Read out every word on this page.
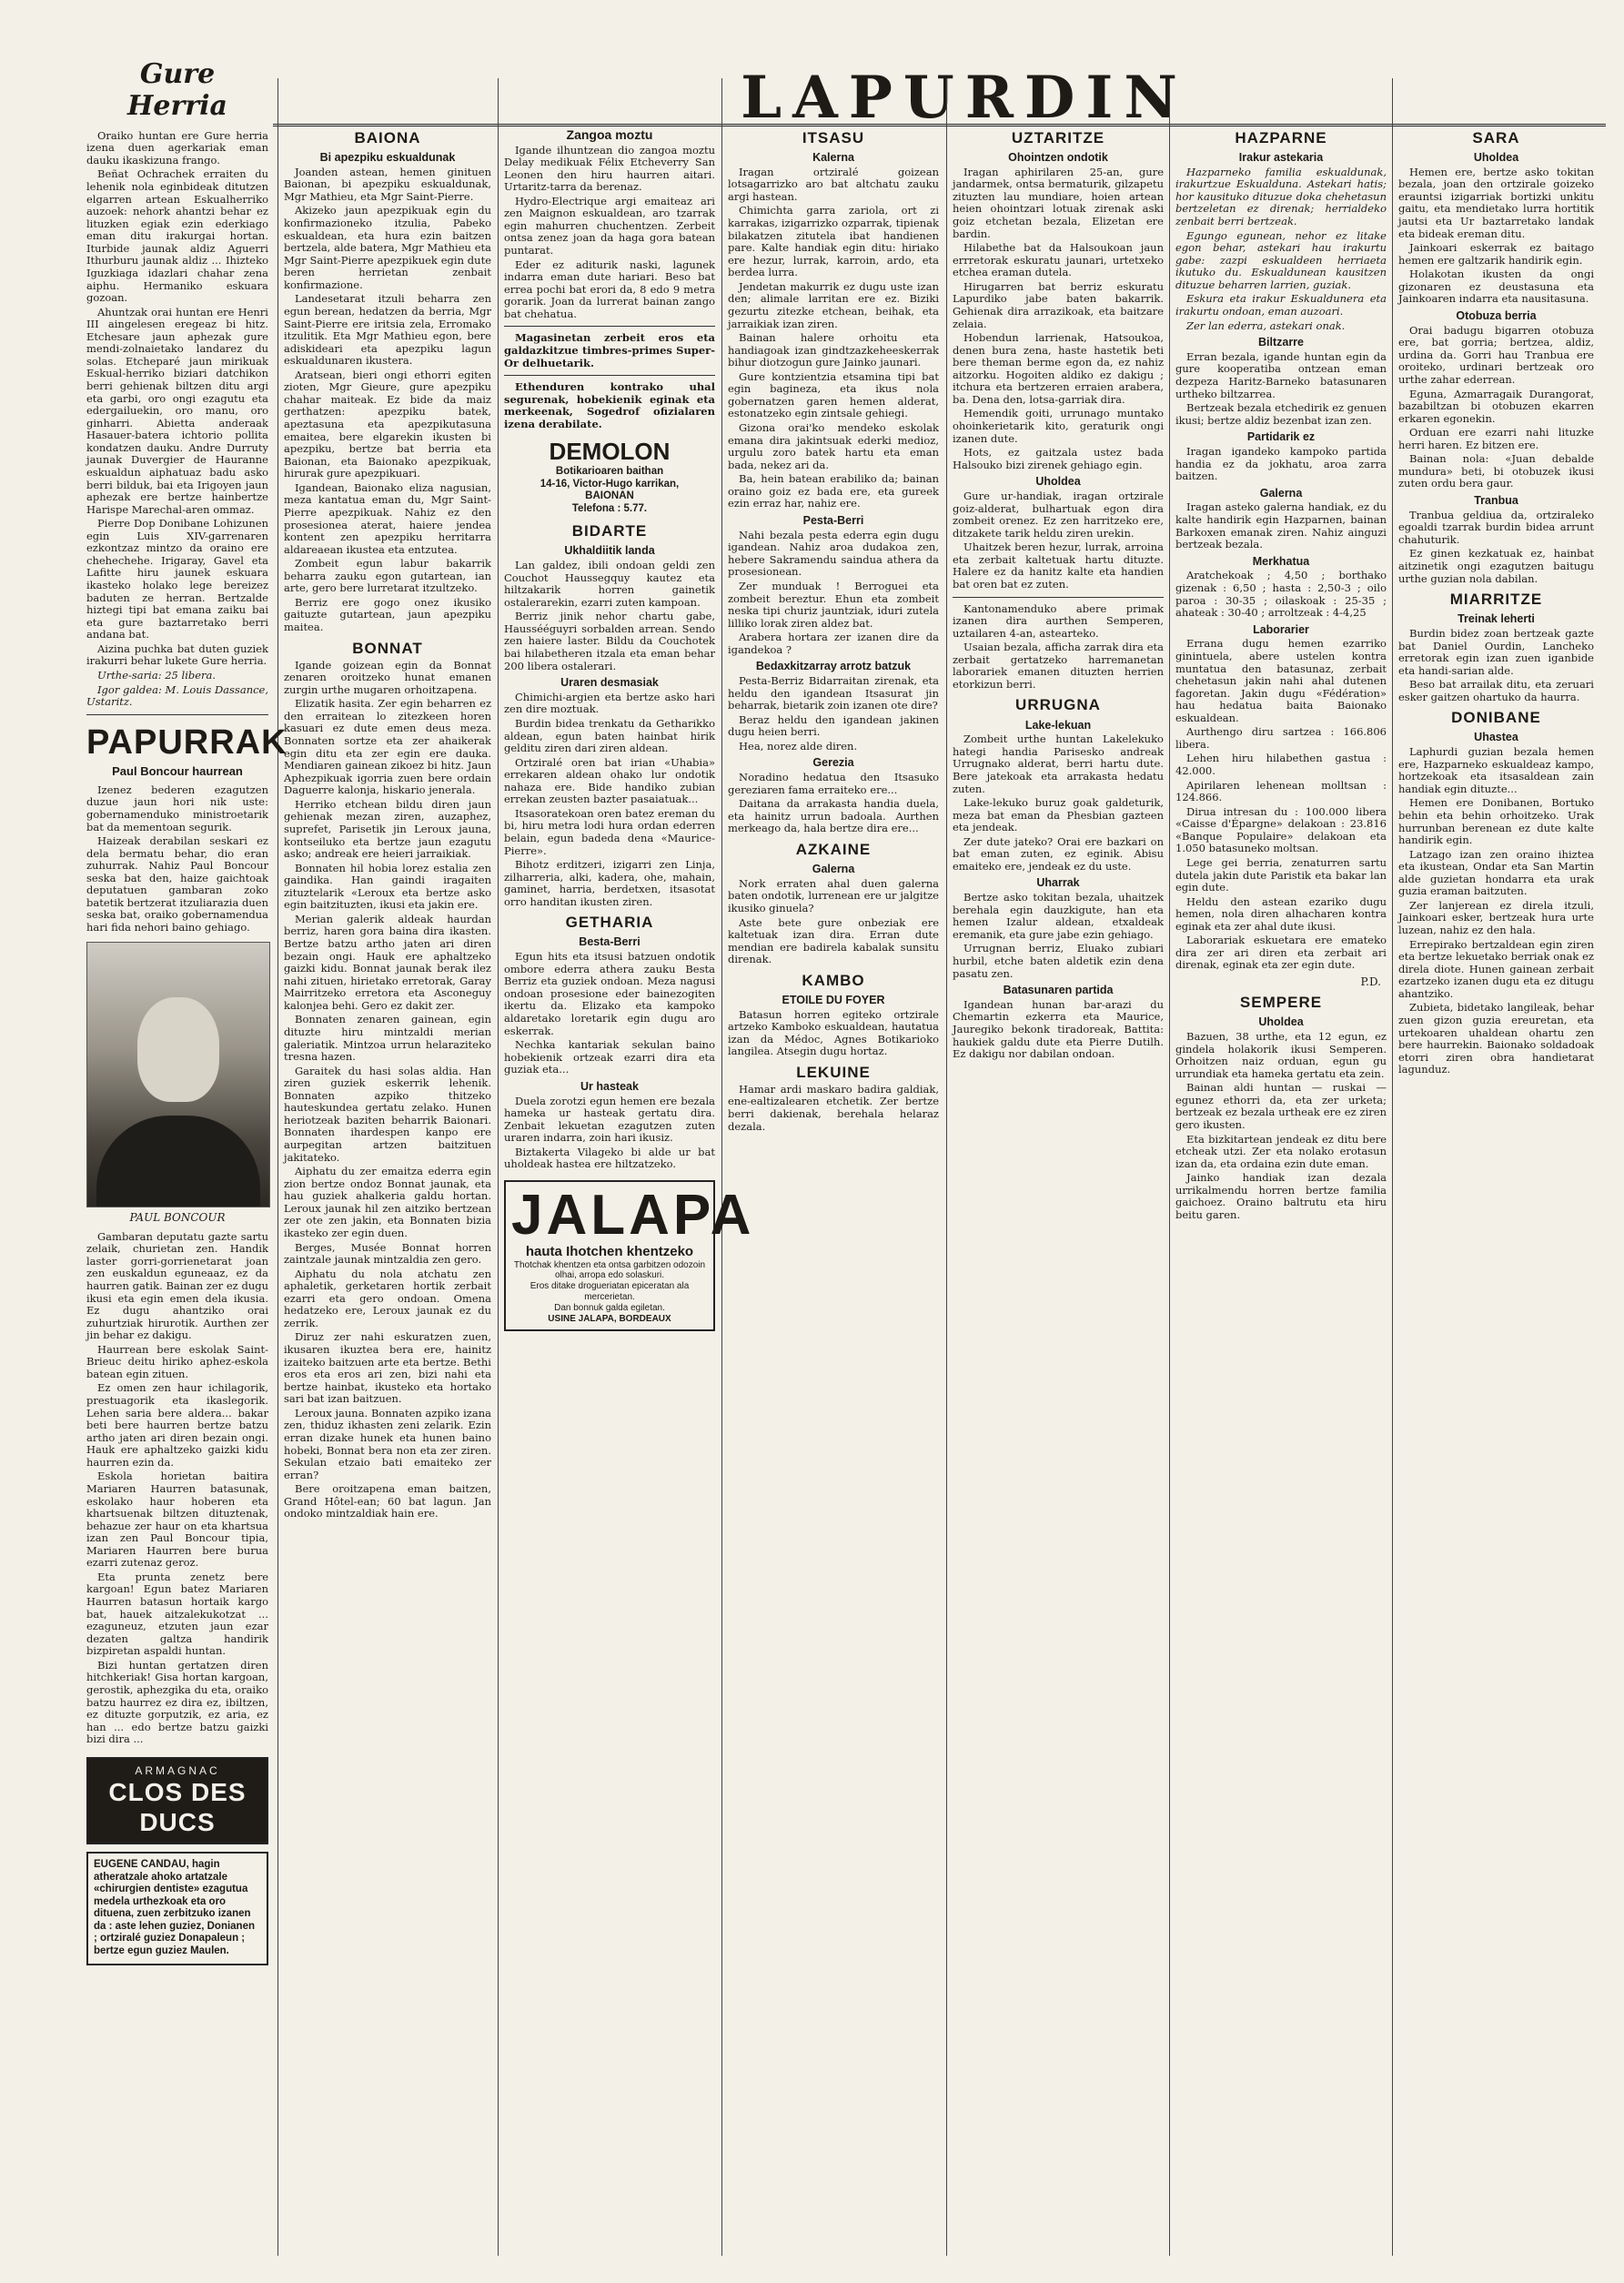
LAPURDIN
Gure Herria

Oraiko huntan ere Gure herria izena duen agerkariak eman dauku ikaskizuna frango.

Beñat Ochrachek erraiten du lehenik nola eginbideak ditutzen elgarren artean Eskualherriko auzoek: nehork ahantzi behar ez lituzken egiak ezin ederkiago eman ditu irakurgai hortan. Iturbide jaunak aldiz Aguerri Ithurburu jaunak aldiz ... Ihizteko Iguzkiaga idazlari chahar zena aiphu. Hermaniko eskuara gozoan.

Ahuntzak orai huntan ere Henri III aingelesen eregeaz bi hitz. Etchesare jaun aphezak gure mendi-zolnaietako landarez du solas. Etcheparé jaun mirikuak Eskual-herriko biziari datchikon berri gehienak biltzen ditu argi eta garbi, oro ongi ezagutu eta edergailuekin, oro manu, oro ginharri. Abietta anderaak Hasauer-batera ichtorio pollita kondatzen dauku. Andre Durruty jaunak Duvergier de Hauranne eskualdun aiphatuaz badu asko berri bilduk, bai eta Irigoyen jaun aphezak ere bertze hainbertze Harispe Marechal-aren ommaz.

Pierre Dop Donibane Lohizunen egin Luis XIV-garrenaren ezkontzaz mintzo da oraino ere chehechehe. Irigaray, Gavel eta Lafitte hiru jaunek eskuara ikasteko holako lege bereizez baduten ze herran. Bertzalde hiztegi tipi bat emana zaiku bai eta gure baztarretako berri andana bat.

Aizina puchka bat duten guziek irakurri behar lukete Gure herria.

Urthe-saria: 25 libera.

Igor galdea: M. Louis Dassance, Ustaritz.

PAPURRAK
Paul Boncour haurrean

Izenez bederen ezagutzen duzue jaun hori nik uste: gobernamenduko ministroetarik bat da mementoan segurik.

Haizeak derabilan seskari ez dela bermatu behar, dio eran zuhurrak. Nahiz Paul Boncour seska bat den, haize gaichtoak deputatuen gambaran zoko batetik bertzerat itzuliarazia duen seska bat, oraiko gobernamendua hari fida nehori baino gehiago.

PAUL BONCOUR

Gambaran deputatu gazte sartu zelaik, churietan zen. Handik laster gorri-gorrienetarat joan zen euskaldun eguneaaz, ez da haurren gatik. Bainan zer ez dugu ikusi eta egin emen dela ikusia. Ez dugu ahantziko orai zuhurtziak hirurotik. Aurthen zer jin behar ez dakigu.

Haurrean bere eskolak Saint-Brieuc deitu hiriko aphez-eskola batean egin zituen.

Ez omen zen haur ichilagorik, prestuagorik eta ikaslegorik. Lehen saria bere aldera... bakar beti bere haurren bertze batzu artho jaten ari diren bezain ongi. Hauk ere aphaltzeko gaizki kidu haurren ezin da.

Eskola horietan baitira Mariaren Haurren batasunak, eskolako haur hoberen eta khartsuenak biltzen dituztenak, behazue zer haur on eta khartsua izan zen Paul Boncour tipia, Mariaren Haurren bere burua ezarri zutenaz geroz.

Eta prunta zenetz bere kargoan! Egun batez Mariaren Haurren batasun hortaik kargo bat, hauek aitzalekukotzat ... ezaguneuz, etzuten jaun ezar dezaten galtza handirik bizpiretan aspaldi huntan.

Bizi huntan gertatzen diren hitchkeriak! Gisa hortan kargoan, gerostik, aphezgika du eta, oraiko batzu haurrez ez dira ez, ibiltzen, ez dituzte gorputzik, ez aria, ez han ... edo bertze batzu gaizki bizi dira ...

ARMAGNAC
CLOS DES DUCS
EUGENE CANDAU, hagin atheratzale ahoko artatzale «chirurgien dentiste» ezagutua medela urthezkoak eta oro dituena, zuen zerbitzuko izanen da : aste lehen guziez, Donianen ; ortziralé guziez Donapaleun ; bertze egun guziez Maulen.
BAIONA
Bi apezpiku eskualdunak

Joanden astean, hemen ginituen Baionan, bi apezpiku eskualdunak, Mgr Mathieu, eta Mgr Saint-Pierre.

Akizeko jaun apezpikuak egin du konfirmazioneko itzulia, Pabeko eskualdean, eta hura ezin baitzen bertzela, alde batera, Mgr Mathieu eta Mgr Saint-Pierre apezpikuek egin dute beren herrietan zenbait konfirmazione.

Landesetarat itzuli beharra zen egun berean, hedatzen da berria, Mgr Saint-Pierre ere iritsia zela, Erromako itzulitik. Eta Mgr Mathieu egon, bere adiskideari eta apezpiku lagun eskualdunaren ikustera.

Aratsean, bieri ongi ethorri egiten zioten, Mgr Gieure, gure apezpiku chahar maiteak. Ez bide da maiz gerthatzen: apezpiku batek, apeztasuna eta apezpikutasuna emaitea, bere elgarekin ikusten bi apezpiku, bertze bat berria eta Baionan, eta Baionako apezpikuak, hirurak gure apezpikuari.

Igandean, Baionako eliza nagusian, meza kantatua eman du, Mgr Saint-Pierre apezpikuak. Nahiz ez den prosesionea aterat, haiere jendea kontent zen apezpiku herritarra aldareaean ikustea eta entzutea.

Zombeit egun labur bakarrik beharra zauku egon gutartean, ian arte, gero bere lurretarat itzultzeko.

Berriz ere gogo onez ikusiko gaituzte gutartean, jaun apezpiku maitea.

BONNAT

Igande goizean egin da Bonnat zenaren oroitzeko hunat emanen zurgin urthe mugaren orhoitzapena.

Elizatik hasita. Zer egin beharren ez den erraitean lo zitezkeen horen kasuari ez dute emen deus meza. Bonnaten sortze eta zer ahaikerak egin ditu eta zer egin ere dauka. Mendiaren gainean zikoez bi hitz. Jaun Aphezpikuak igorria zuen bere ordain Daguerre kalonja, hiskario jenerala.

Herriko etchean bildu diren jaun gehienak mezan ziren, auzaphez, suprefet, Parisetik jin Leroux jauna, kontseiluko eta bertze jaun ezagutu asko; andreak ere heieri jarraikiak.

Bonnaten hil hobia lorez estalia zen gaindika. Han gaindi iragaiten zituztelarik «Leroux eta bertze asko egin baitzituzten, ikusi eta jakin ere.

Merian galerik aldeak haurdan berriz, haren gora baina dira ikasten. Bertze batzu artho jaten ari diren bezain ongi. Hauk ere aphaltzeko gaizki kidu. Bonnat jaunak berak ilez nahi zituen, hirietako erretorak, Garay Mairritzeko erretora eta Asconeguy kalonjea behi. Gero ez dakit zer.

Bonnaten zenaren gainean, egin dituzte hiru mintzaldi merian galeriatik. Mintzoa urrun helaraziteko tresna hazen.

Garaitek du hasi solas aldia. Han ziren guziek eskerrik lehenik. Bonnaten azpiko thitzeko hauteskundea gertatu zelako. Hunen heriotzeak baziten beharrik Baionari. Bonnaten ihardespen kanpo ere aurpegitan artzen baitzituen jakitateko.

Aiphatu du zer emaitza ederra egin zion bertze ondoz Bonnat jaunak, eta hau guziek ahalkeria galdu hortan. Leroux jaunak hil zen aitziko bertzean zer ote zen jakin, eta Bonnaten bizia ikasteko zer egin duen.

Berges, Musée Bonnat horren zaintzale jaunak mintzaldia zen gero.

Aiphatu du nola atchatu zen aphaletik, gerketaren hortik zerbait ezarri eta gero ondoan. Omena hedatzeko ere, Leroux jaunak ez du zerrik.

Diruz zer nahi eskuratzen zuen, ikusaren ikuztea bera ere, hainitz izaiteko baitzuen arte eta bertze. Bethi eros eta eros ari zen, bizi nahi eta bertze hainbat, ikusteko eta hortako sari bat izan baitzuen.

Leroux jauna. Bonnaten azpiko izana zen, thiduz ikhasten zeni zelarik. Ezin erran dizake hunek eta hunen baino hobeki, Bonnat bera non eta zer ziren. Sekulan etzaio bati emaiteko zer erran?

Bere oroitzapena eman baitzen, Grand Hôtel-ean; 60 bat lagun. Jan ondoko mintzaldiak hain ere.

Zangoa moztu

Igande ilhuntzean dio zangoa moztu Delay medikuak Félix Etcheverry San Leonen den hiru haurren aitari. Urtaritz-tarra da berenaz.

Hydro-Electrique argi emaiteaz ari zen Maignon eskualdean, aro tzarrak egin mahurren chuchentzen. Zerbeit ontsa zenez joan da haga gora batean puntarat.

Eder ez aditurik naski, lagunek indarra eman dute hariari. Beso bat errea pochi bat erori da, 8 edo 9 metra gorarik. Joan da lurrerat bainan zango bat chehatua.

Magasinetan zerbeit eros eta galdazkitzue timbres-primes Super-Or delhuetarik.

Ethenduren kontrako uhal segurenak, hobekienik eginak eta merkeenak, Sogedrof ofizialaren izena derabilate.

DEMOLON
Botikarioaren baithan
14-16, Victor-Hugo karrikan,
BAIONAN
Telefona : 5.77.
BIDARTE
Ukhaldiitik landa

Lan galdez, ibili ondoan geldi zen Couchot Haussegquy kautez eta hiltzakarik horren gainetik ostalerarekin, ezarri zuten kampoan.

Berriz jinik nehor chartu gabe, Haussééguyri sorbalden arrean. Sendo zen haiere laster. Bildu da Couchotek bai hilabetheren itzala eta eman behar 200 libera ostalerari.

Uraren desmasiak

Chimichi-argien eta bertze asko hari zen dire moztuak.

Burdin bidea trenkatu da Getharikko aldean, egun baten hainbat hirik gelditu ziren dari ziren aldean.

Ortziralé oren bat irian «Uhabia» errekaren aldean ohako lur ondotik nahaza ere. Bide handiko zubian errekan zeusten bazter pasaiatuak...

Itsasoratekoan oren batez ereman du bi, hiru metra lodi hura ordan ederren belain, egun badeda dena «Maurice-Pierre».

Bihotz erditzeri, izigarri zen Linja, zilharreria, alki, kadera, ohe, mahain, gaminet, harria, berdetxen, itsasotat orro handitan ikusten ziren.

GETHARIA
Besta-Berri

Egun hits eta itsusi batzuen ondotik ombore ederra athera zauku Besta Berriz eta guziek ondoan. Meza nagusi ondoan prosesione eder bainezogiten ikertu da. Elizako eta kampoko aldaretako loretarik egin dugu aro eskerrak.

Nechka kantariak sekulan baino hobekienik ortzeak ezarri dira eta guziak eta...

Ur hasteak

Duela zorotzi egun hemen ere bezala hameka ur hasteak gertatu dira. Zenbait lekuetan ezagutzen zuten uraren indarra, zoin hari ikusiz.

Biztakerta Vilageko bi alde ur bat uholdeak hastea ere hiltzatzeko.

JALAPA
hauta Ihotchen khentzeko
Thotchak khentzen eta ontsa garbitzen odozoin olhai, arropa edo solaskuri.
Eros ditake drogueriatan epiceratan ala mercerietan.
Dan bonnuk galda egiletan.
USINE JALAPA, BORDEAUX
ITSASU
Kalerna

Iragan ortziralé goizean lotsagarrizko aro bat altchatu zauku argi hastean.

Chimichta garra zariola, ort zi karrakas, izigarrizko ozparrak, tipienak bilakatzen zitutela ibat handienen pare. Kalte handiak egin ditu: hiriako ere hezur, lurrak, karroin, ardo, eta berdea lurra.

Jendetan makurrik ez dugu uste izan den; alimale larritan ere ez. Biziki gezurtu zitezke etchean, beihak, eta jarraikiak izan ziren.

Bainan halere orhoitu eta handiagoak izan gindtzazkeheeskerrak bihur diotzogun gure Jainko jaunari.

Gure kontzientzia etsamina tipi bat egin bagineza, eta ikus nola gobernatzen garen hemen alderat, estonatzeko egin zintsale gehiegi.

Gizona orai'ko mendeko eskolak emana dira jakintsuak ederki medioz, urgulu zoro batek hartu eta eman bada, nekez ari da.

Ba, hein batean erabiliko da; bainan oraino goiz ez bada ere, eta gureek ezin erraz har, nahiz ere.

Pesta-Berri

Nahi bezala pesta ederra egin dugu igandean. Nahiz aroa dudakoa zen, hebere Sakramendu saindua athera da prosesionean.

Zer munduak ! Berroguei eta zombeit bereztur. Ehun eta zombeit neska tipi churiz jauntziak, iduri zutela lilliko lorak ziren aldez bat.

Arabera hortara zer izanen dire da igandekoa ?

Bedaxkitzarray arrotz batzuk

Pesta-Berriz Bidarraitan zirenak, eta heldu den igandean Itsasurat jin beharrak, bietarik zoin izanen ote dire?

Beraz heldu den igandean jakinen dugu heien berri.

Hea, norez alde diren.

Gerezia

Noradino hedatua den Itsasuko gereziaren fama erraiteko ere...

Daitana da arrakasta handia duela, eta hainitz urrun badoala. Aurthen merkeago da, hala bertze dira ere...

AZKAINE
Galerna

Nork erraten ahal duen galerna baten ondotik, lurrenean ere ur jalgitze ikusiko ginuela?

Aste bete gure onbeziak ere kaltetuak izan dira. Erran dute mendian ere badirela kabalak sunsitu direnak.

KAMBO
ETOILE DU FOYER

Batasun horren egiteko ortzirale artzeko Kamboko eskualdean, hautatua izan da Médoc, Agnes Botikarioko langilea. Atsegin dugu hortaz.

LEKUINE

Hamar ardi maskaro badira galdiak, ene-ealtizalearen etchetik. Zer bertze berri dakienak, berehala helaraz dezala.

UZTARITZE
Ohointzen ondotik

Iragan aphirilaren 25-an, gure jandarmek, ontsa bermaturik, gilzapetu zituzten lau mundiare, hoien artean heien ohointzari lotuak zirenak aski goiz etchetan bezala, Elizetan ere bardin.

Hilabethe bat da Halsoukoan jaun errretorak eskuratu jaunari, urtetxeko etchea eraman dutela.

Hirugarren bat berriz eskuratu Lapurdiko jabe baten bakarrik. Gehienak dira arrazikoak, eta baitzare zelaia.

Hobendun larrienak, Hatsoukoa, denen bura zena, haste hastetik beti bere theman berme egon da, ez nahiz aitzorku. Hogoiten aldiko ez dakigu ; itchura eta bertzeren erraien arabera, ba. Dena den, lotsa-garriak dira.

Hemendik goiti, urrunago muntako ohoinkerietarik kito, geraturik ongi izanen dute.

Hots, ez gaitzala ustez bada Halsouko bizi zirenek gehiago egin.

Uholdea

Gure ur-handiak, iragan ortzirale goiz-alderat, bulhartuak egon dira zombeit orenez. Ez zen harritzeko ere, ditzakete tarik heldu ziren urekin.

Uhaitzek beren hezur, lurrak, arroina eta zerbait kaltetuak hartu dituzte. Halere ez da hanitz kalte eta handien bat oren bat ez zuten.

Kantonamenduko abere primak izanen dira aurthen Semperen, uztailaren 4-an, astearteko.

Usaian bezala, afficha zarrak dira eta zerbait gertatzeko harremanetan laborariek emanen dituzten herrien etorkizun berri.

URRUGNA
Lake-lekuan

Zombeit urthe huntan Lakelekuko hategi handia Parisesko andreak Urrugnako alderat, berri hartu dute. Bere jatekoak eta arrakasta hedatu zuten.

Lake-lekuko buruz goak galdeturik, meza bat eman da Phesbian gazteen eta jendeak.

Zer dute jateko? Orai ere bazkari on bat eman zuten, ez eginik. Abisu emaiteko ere, jendeak ez du uste.

Uharrak

Bertze asko tokitan bezala, uhaitzek berehala egin dauzkigute, han eta hemen Izalur aldean, etxaldeak eremanik, eta gure jabe ezin gehiago.

Urrugnan berriz, Eluako zubiari hurbil, etche baten aldetik ezin dena pasatu zen.

Batasunaren partida

Igandean hunan bar-arazi du Chemartin ezkerra eta Maurice, Jauregiko bekonk tiradoreak, Battita: haukiek galdu dute eta Pierre Dutilh. Ez dakigu nor dabilan ondoan.

HAZPARNE
Irakur astekaria

Hazparneko familia eskualdunak, irakurtzue Eskualduna. Astekari hatis; hor kausituko dituzue doka chehetasun bertzeletan ez direnak; herrialdeko zenbait berri bertzeak.

Egungo egunean, nehor ez litake egon behar, astekari hau irakurtu gabe: zazpi eskualdeen herriaeta ikutuko du. Eskualdunean kausitzen dituzue beharren larrien, guziak.

Eskura eta irakur Eskualdunera eta irakurtu ondoan, eman auzoari.

Zer lan ederra, astekari onak.

Biltzarre

Erran bezala, igande huntan egin da gure kooperatiba ontzean eman dezpeza Haritz-Barneko batasunaren urtheko biltzarrea.

Bertzeak bezala etchedirik ez genuen ikusi; bertze aldiz bezenbat izan zen.

Partidarik ez

Iragan igandeko kampoko partida handia ez da jokhatu, aroa zarra baitzen.

Galerna

Iragan asteko galerna handiak, ez du kalte handirik egin Hazparnen, bainan Barkoxen emanak ziren. Nahiz ainguzi bertzeak bezala.

Merkhatua

Aratchekoak ; 4,50 ; borthako gizenak : 6,50 ; hasta : 2,50-3 ; oilo paroa : 30-35 ; oilaskoak : 25-35 ; ahateak : 30-40 ; arroltzeak : 4-4,25

Laborarier

Errana dugu hemen ezarriko ginintuela, abere ustelen kontra muntatua den batasunaz, zerbait chehetasun jakin nahi ahal dutenen fagoretan. Jakin dugu «Fédération» hau hedatua baita Baionako eskualdean.

Aurthengo diru sartzea : 166.806 libera.

Lehen hiru hilabethen gastua : 42.000.

Apirilaren lehenean molltsan : 124.866.

Dirua intresan du : 100.000 libera «Caisse d'Épargne» delakoan : 23.816 «Banque Populaire» delakoan eta 1.050 batasuneko moltsan.

Lege gei berria, zenaturren sartu dutela jakin dute Paristik eta bakar lan egin dute.

Heldu den astean ezariko dugu hemen, nola diren alhacharen kontra eginak eta zer ahal dute ikusi.

Laborariak eskuetara ere emateko dira zer ari diren eta zerbait ari direnak, eginak eta zer egin dute.

P.D.
SEMPERE
Uholdea

Bazuen, 38 urthe, eta 12 egun, ez gindela holakorik ikusi Semperen. Orhoitzen naiz orduan, egun gu urrundiak eta hameka gertatu eta zein.

Bainan aldi huntan — ruskai — egunez ethorri da, eta zer urketa; bertzeak ez bezala urtheak ere ez ziren gero ikusten.

Eta bizkitartean jendeak ez ditu bere etcheak utzi. Zer eta nolako erotasun izan da, eta ordaina ezin dute eman.

Jainko handiak izan dezala urrikalmendu horren bertze familia gaichoez. Oraino baltrutu eta hiru beitu garen.

SARA
Uholdea

Hemen ere, bertze asko tokitan bezala, joan den ortzirale goizeko erauntsi izigarriak bortizki unkitu gaitu, eta mendietako lurra hortitik jautsi eta Ur baztarretako landak eta bideak ereman ditu.

Jainkoari eskerrak ez baitago hemen ere galtzarik handirik egin.

Holakotan ikusten da ongi gizonaren ez deustasuna eta Jainkoaren indarra eta nausitasuna.

Otobuza berria

Orai badugu bigarren otobuza ere, bat gorria; bertzea, aldiz, urdina da. Gorri hau Tranbua ere oroiteko, urdinari bertzeak oro urthe zahar ederrean.

Eguna, Azmarragaik Durangorat, bazabiltzan bi otobuzen ekarren erkaren egonekin.

Orduan ere ezarri nahi lituzke herri haren. Ez bitzen ere.

Bainan nola: «Juan debalde mundura» beti, bi otobuzek ikusi zuten ordu bera gaur.

Tranbua

Tranbua geldiua da, ortziraleko egoaldi tzarrak burdin bidea arrunt chahuturik.

Ez ginen kezkatuak ez, hainbat aitzinetik ongi ezagutzen baitugu urthe guzian nola dabilan.

MIARRITZE
Treinak leherti

Burdin bidez zoan bertzeak gazte bat Daniel Ourdin, Lancheko erretorak egin izan zuen iganbide eta handi-sarian alde.

Beso bat arrailak ditu, eta zeruari esker gaitzen ohartuko da haurra.

DONIBANE
Uhastea

Laphurdi guzian bezala hemen ere, Hazparneko eskualdeaz kampo, hortzekoak eta itsasaldean zain handiak egin dituzte...

Hemen ere Donibanen, Bortuko behin eta behin orhoitzeko. Urak hurrunban berenean ez dute kalte handirik egin.

Latzago izan zen oraino ihiztea eta ikustean, Ondar eta San Martin alde guzietan hondarra eta urak guzia eraman baitzuten.

Zer lanjerean ez direla itzuli, Jainkoari esker, bertzeak hura urte luzean, nahiz ez den hala.

Errepirako bertzaldean egin ziren eta bertze lekuetako berriak onak ez direla diote. Hunen gainean zerbait ezartzeko izanen dugu eta ez ditugu ahantziko.

Zubieta, bidetako langileak, behar zuen gizon guzia ereuretan, eta urtekoaren uhaldean ohartu zen bere haurrekin. Baionako soldadoak etorri ziren obra handietarat lagunduz.
